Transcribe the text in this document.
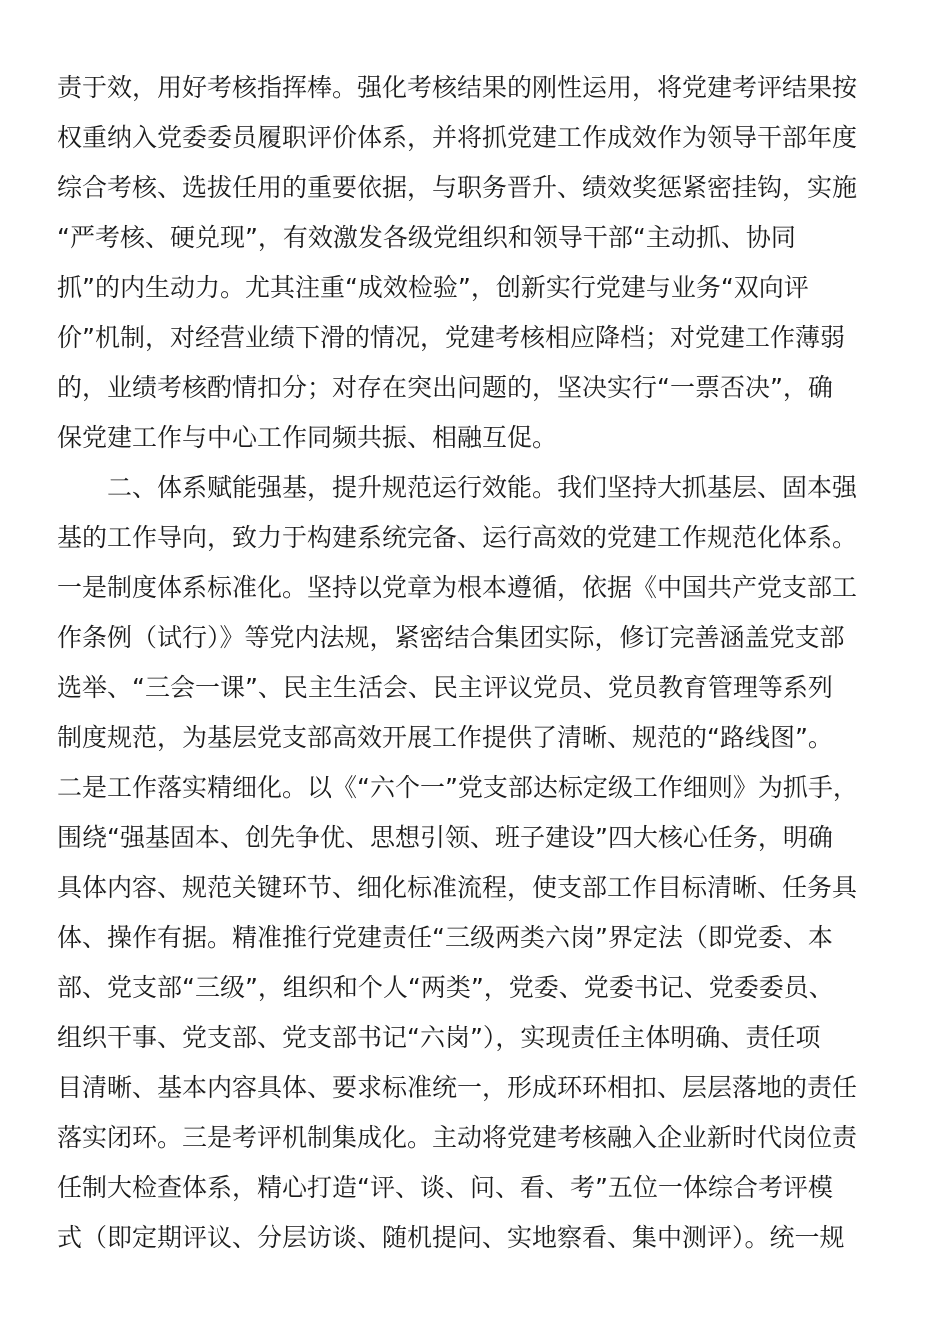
责于效，用好考核指挥棒。强化考核结果的刚性运用，将党建考评结果按
权重纳入党委委员履职评价体系，并将抓党建工作成效作为领导干部年度
综合考核、选拔任用的重要依据，与职务晋升、绩效奖惩紧密挂钩，实施
“严考核、硬兑现”，有效激发各级党组织和领导干部“主动抓、协同
抓”的内生动力。尤其注重“成效检验”，创新实行党建与业务“双向评
价”机制，对经营业绩下滑的情况，党建考核相应降档；对党建工作薄弱
的，业绩考核酌情扣分；对存在突出问题的，坚决实行“一票否决”，确
保党建工作与中心工作同频共振、相融互促。
　　二、体系赋能强基，提升规范运行效能。我们坚持大抓基层、固本强
基的工作导向，致力于构建系统完备、运行高效的党建工作规范化体系。
一是制度体系标准化。坚持以党章为根本遵循，依据《中国共产党支部工
作条例（试行）》等党内法规，紧密结合集团实际，修订完善涵盖党支部
选举、“三会一课”、民主生活会、民主评议党员、党员教育管理等系列
制度规范，为基层党支部高效开展工作提供了清晰、规范的“路线图”。
二是工作落实精细化。以《“六个一”党支部达标定级工作细则》为抓手，
围绕“强基固本、创先争优、思想引领、班子建设”四大核心任务，明确
具体内容、规范关键环节、细化标准流程，使支部工作目标清晰、任务具
体、操作有据。精准推行党建责任“三级两类六岗”界定法（即党委、本
部、党支部“三级”，组织和个人“两类”，党委、党委书记、党委委员、
组织干事、党支部、党支部书记“六岗”），实现责任主体明确、责任项
目清晰、基本内容具体、要求标准统一，形成环环相扣、层层落地的责任
落实闭环。三是考评机制集成化。主动将党建考核融入企业新时代岗位责
任制大检查体系，精心打造“评、谈、问、看、考”五位一体综合考评模
式（即定期评议、分层访谈、随机提问、实地察看、集中测评）。统一规
